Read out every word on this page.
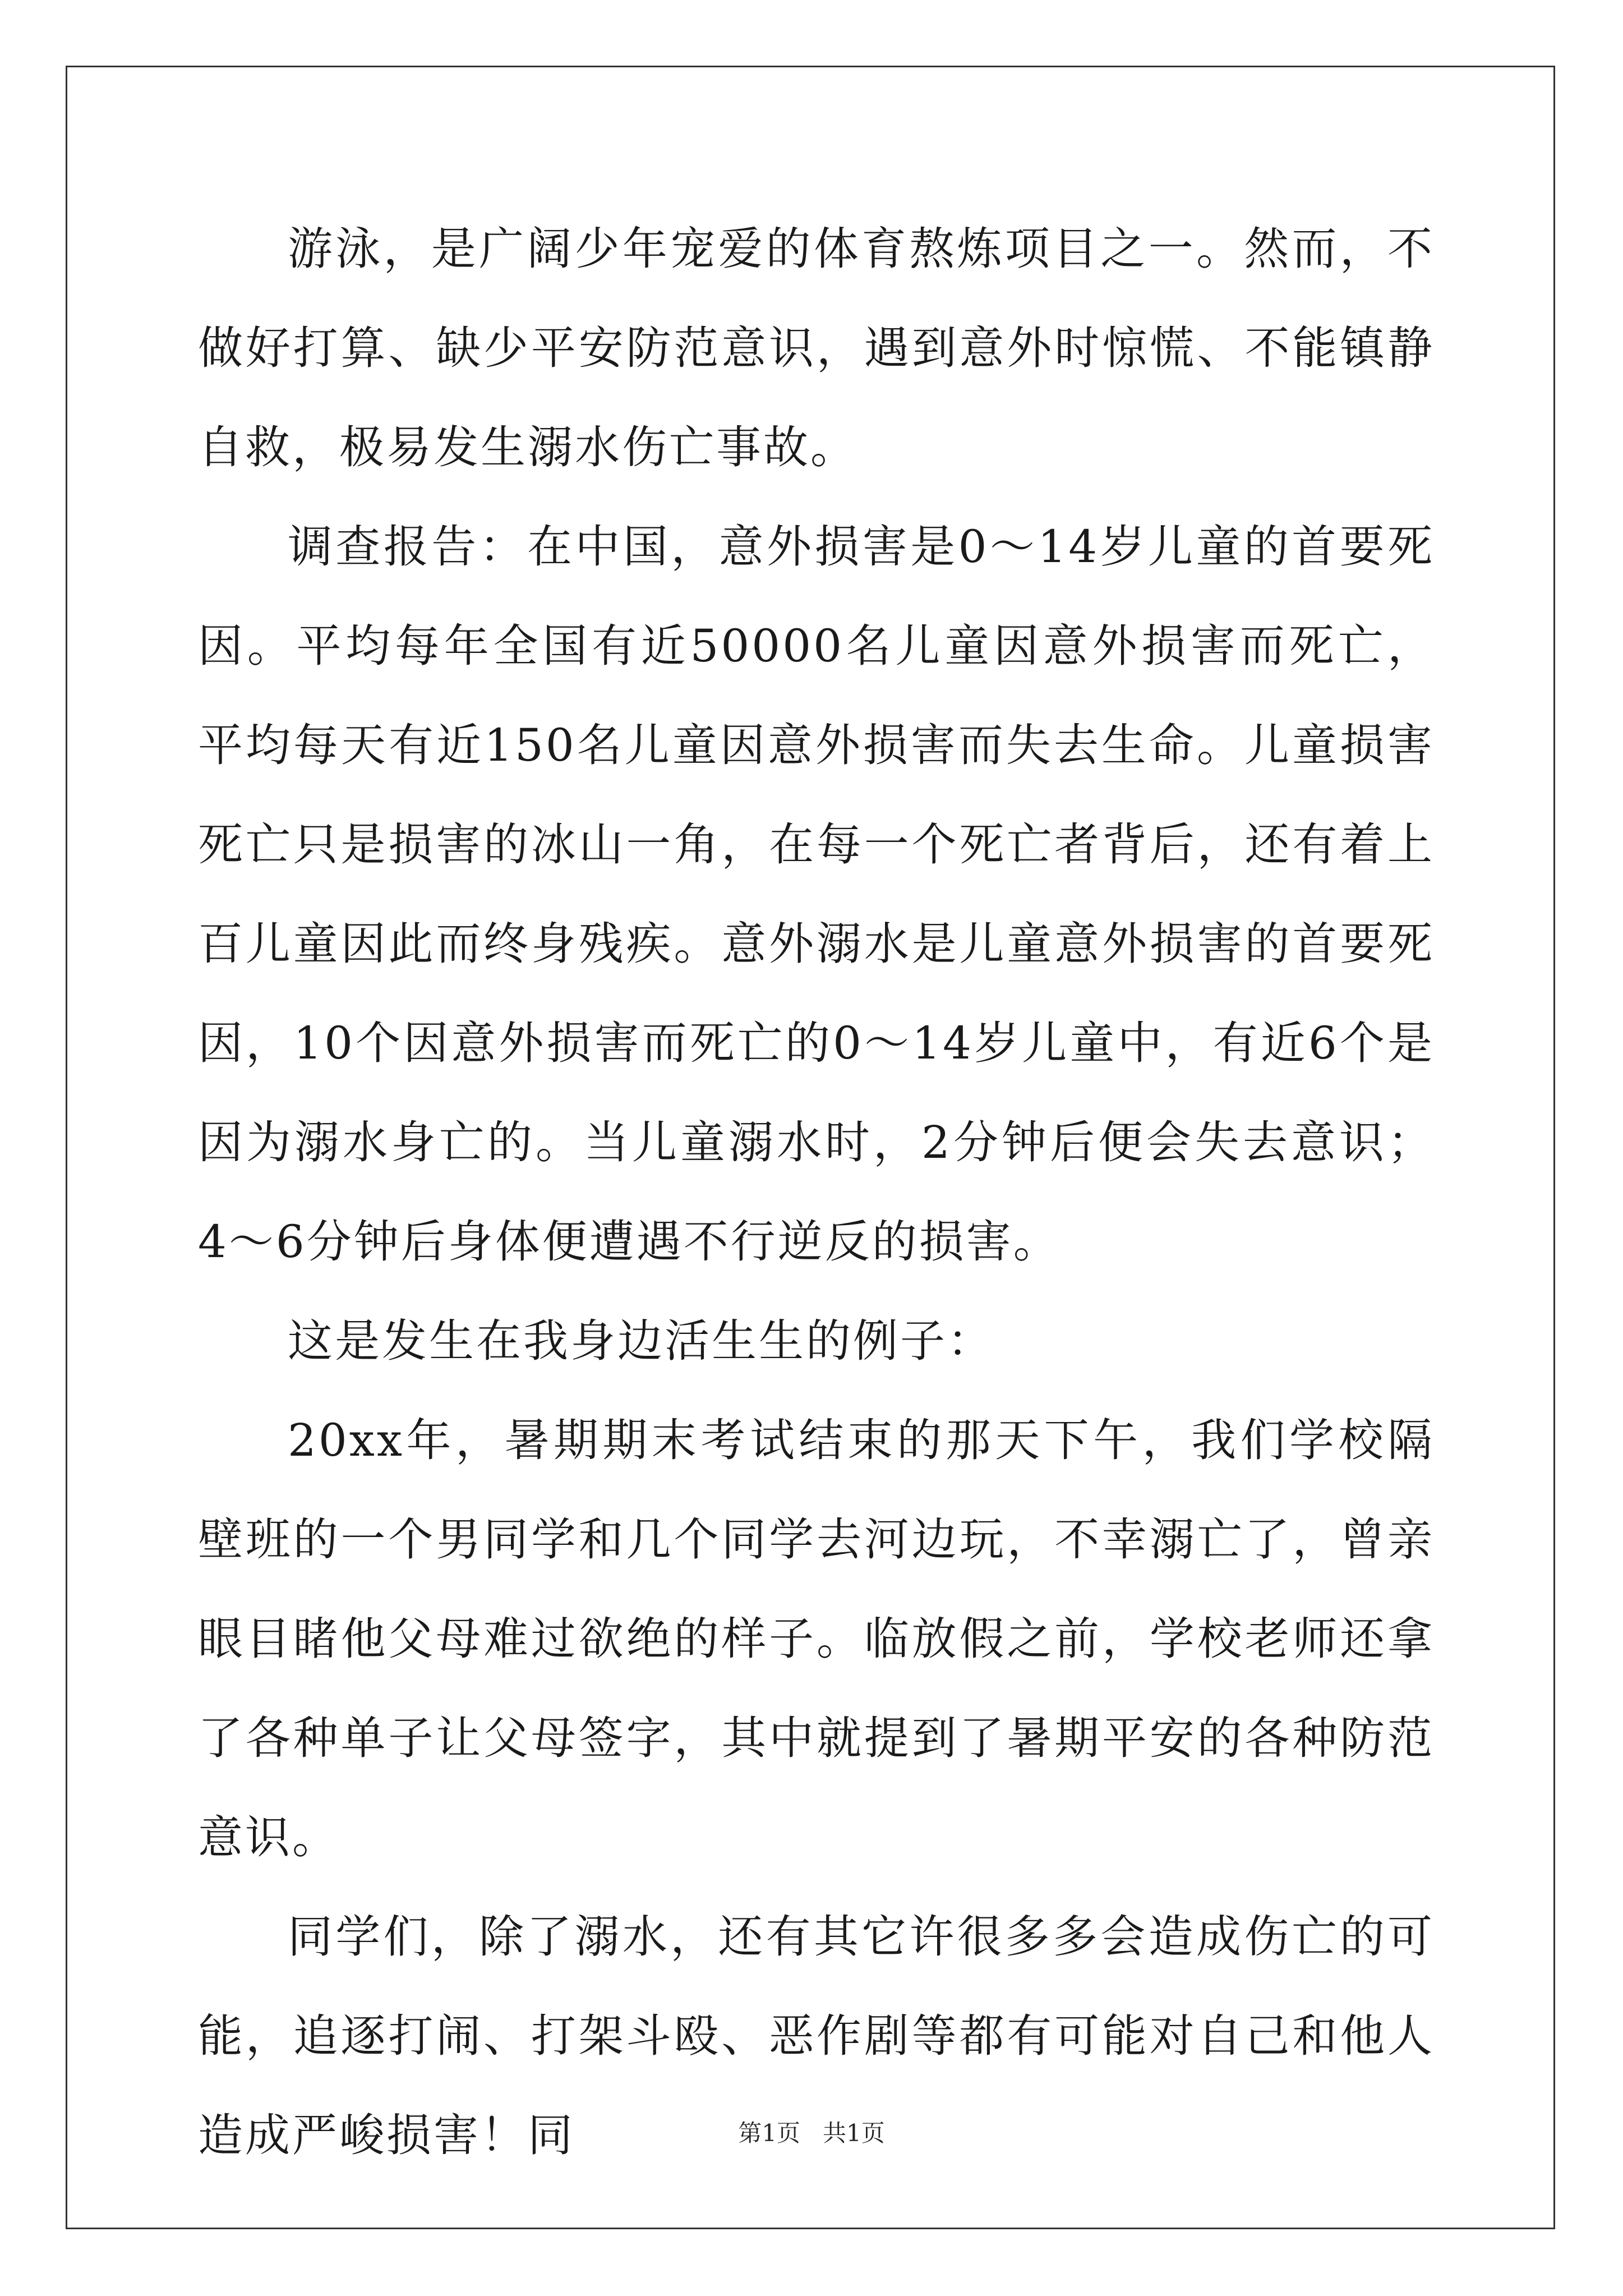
游泳，是广阔少年宠爱的体育熬炼项目之一。然而，不做好打算、缺少平安防范意识，遇到意外时惊慌、不能镇静自救，极易发生溺水伤亡事故。

调查报告：在中国，意外损害是0～14岁儿童的首要死因。平均每年全国有近50000名儿童因意外损害而死亡，平均每天有近150名儿童因意外损害而失去生命。儿童损害死亡只是损害的冰山一角，在每一个死亡者背后，还有着上百儿童因此而终身残疾。意外溺水是儿童意外损害的首要死因，10个因意外损害而死亡的0～14岁儿童中，有近6个是因为溺水身亡的。当儿童溺水时，2分钟后便会失去意识；4～6分钟后身体便遭遇不行逆反的损害。

这是发生在我身边活生生的例子：

20xx年，暑期期末考试结束的那天下午，我们学校隔壁班的一个男同学和几个同学去河边玩，不幸溺亡了，曾亲眼目睹他父母难过欲绝的样子。临放假之前，学校老师还拿了各种单子让父母签字，其中就提到了暑期平安的各种防范意识。

同学们，除了溺水，还有其它许很多多会造成伤亡的可能，追逐打闹、打架斗殴、恶作剧等都有可能对自己和他人造成严峻损害！同	第1页   共1页
